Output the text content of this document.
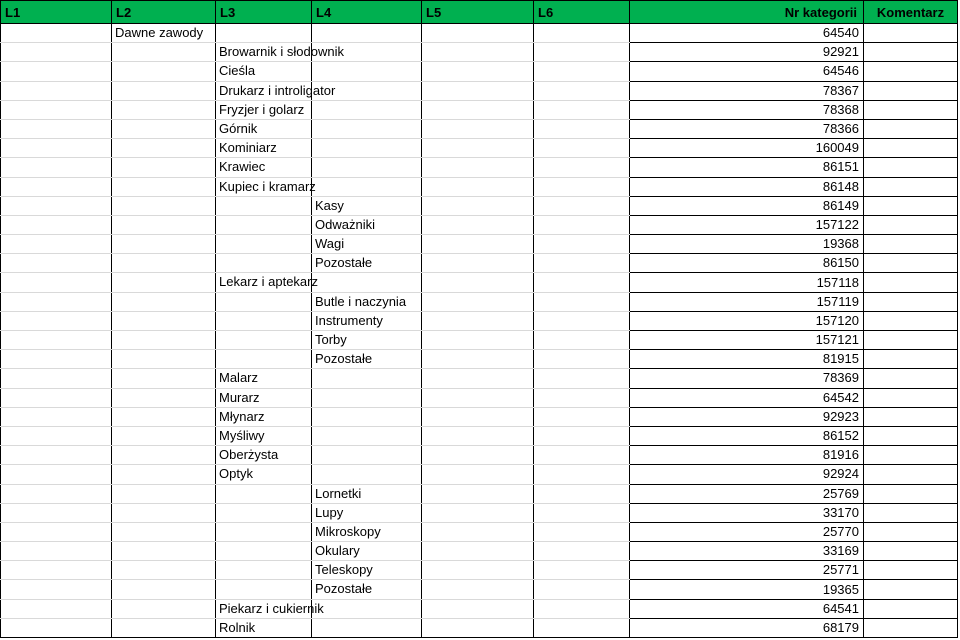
L1	L2	L3	L4	L5	L6	Nr kategorii	Komentarz

	Dawne zawody					64540	

		Browarnik i słodownik				92921	

		Cieśla				64546	

		Drukarz i introligator				78367	

		Fryzjer i golarz				78368	

		Górnik				78366	

		Kominiarz				160049	

		Krawiec				86151	

		Kupiec i kramarz				86148	

			Kasy			86149	

			Odważniki			157122	

			Wagi			19368	

			Pozostałe			86150	

		Lekarz i aptekarz				157118	

			Butle i naczynia			157119	

			Instrumenty			157120	

			Torby			157121	

			Pozostałe			81915	

		Malarz				78369	

		Murarz				64542	

		Młynarz				92923	

		Myśliwy				86152	

		Oberżysta				81916	

		Optyk				92924	

			Lornetki			25769	

			Lupy			33170	

			Mikroskopy			25770	

			Okulary			33169	

			Teleskopy			25771	

			Pozostałe			19365	

		Piekarz i cukiernik				64541	

		Rolnik				68179	
